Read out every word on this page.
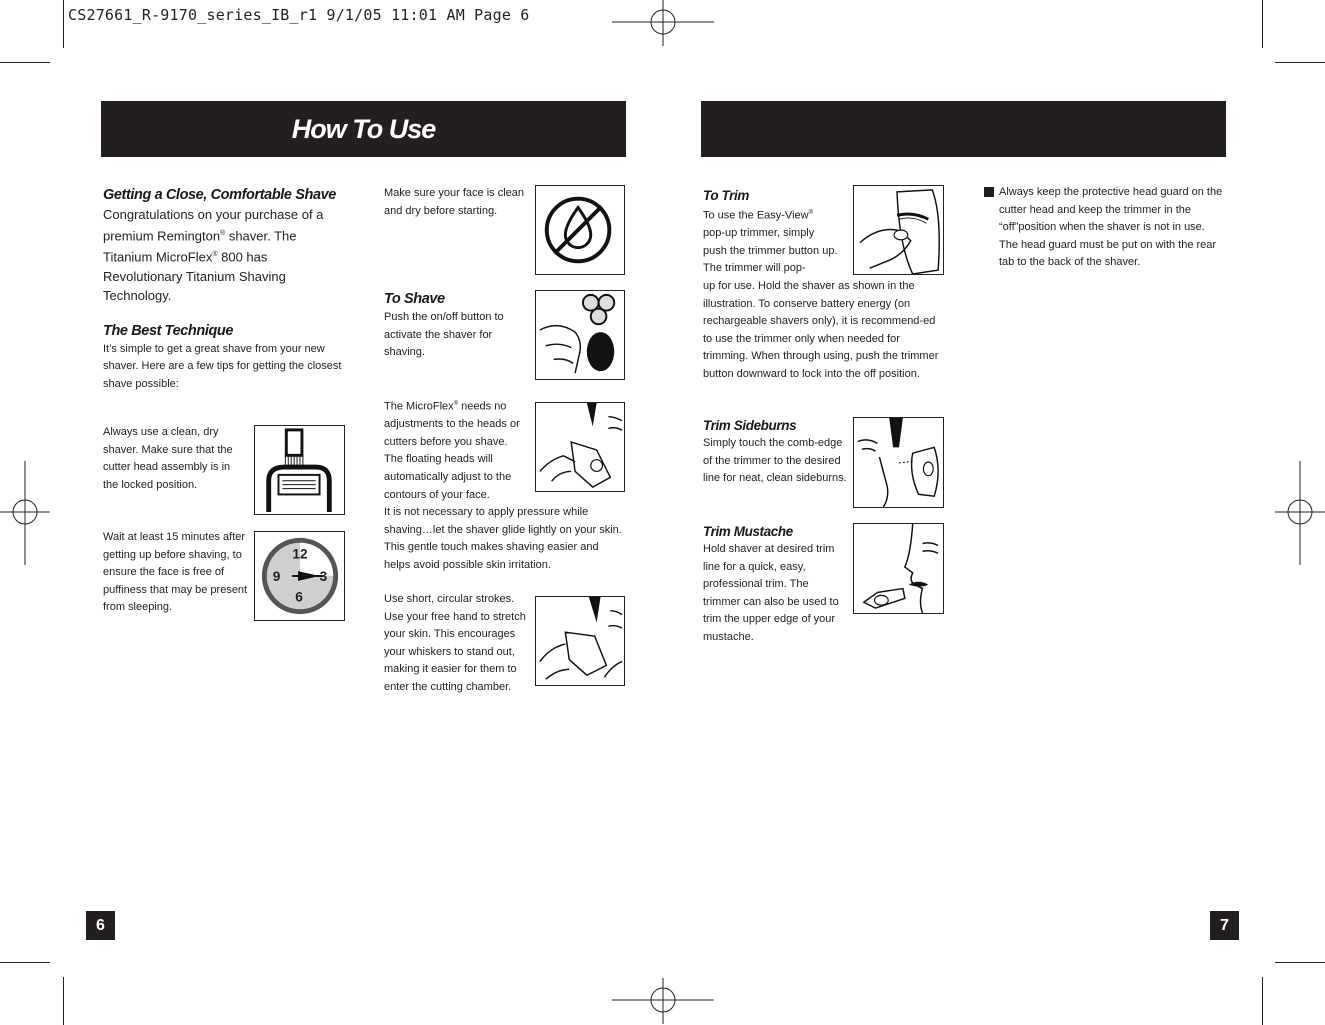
CS27661_R-9170_series_IB_r1 9/1/05 11:01 AM Page 6
How To Use

Getting a Close, Comfortable Shave

Congratulations on your purchase of a premium Remington® shaver. The Titanium MicroFlex® 800 has Revolutionary Titanium Shaving Technology.

The Best Technique

It’s simple to get a great shave from your new shaver. Here are a few tips for getting the closest shave possible:

Always use a clean, dry shaver. Make sure that the cutter head assembly is in the locked position.
Wait at least 15 minutes after getting up before shaving, to ensure the face is free of puffiness that may be present from sleeping.
12
3
6
9
Make sure your face is clean and dry before starting.

To Shave

Push the on/off button to activate the shaver for shaving.

The MicroFlex® needs no adjustments to the heads or cutters before you shave. The floating heads will automatically adjust to the contours of your face.

It is not necessary to apply pressure while shaving…let the shaver glide lightly on your skin. This gentle touch makes shaving easier and helps avoid possible skin irritation.

Use short, circular strokes. Use your free hand to stretch your skin. This encourages your whiskers to stand out, making it easier for them to enter the cutting chamber.
6

To Trim

To use the Easy-View® pop-up trimmer, simply push the trimmer button up. The trimmer will pop-

up for use. Hold the shaver as shown in the illustration. To conserve battery energy (on rechargeable shavers only), it is recommend-ed to use the trimmer only when needed for trimming. When through using, push the trimmer button downward to lock into the off position.

Trim Sideburns

Simply touch the comb-edge of the trimmer to the desired line for neat, clean sideburns.

Trim Mustache

Hold shaver at desired trim line for a quick, easy, professional trim. The trimmer can also be used to trim the upper edge of your mustache.

Always keep the protective head guard on the cutter head and keep the trimmer in the “off”position when the shaver is not in use. The head guard must be put on with the rear tab to the back of the shaver.
7
